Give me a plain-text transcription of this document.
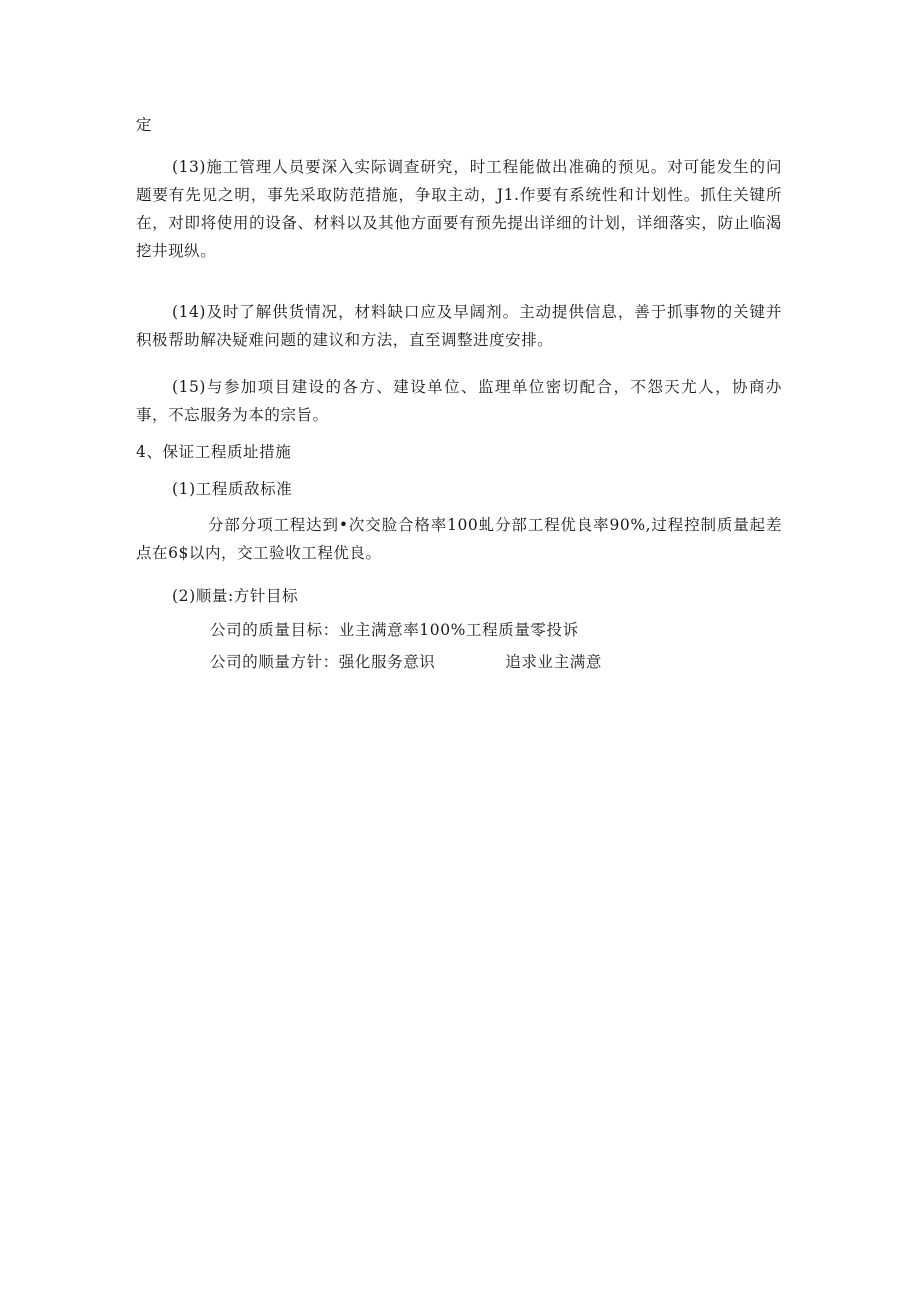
定
(13)施工管理人员要深入实际调查研究，时工程能做出准确的预见。对可能发生的问题要有先见之明，事先采取防范措施，争取主动，J1.作要有系统性和计划性。抓住关键所在，对即将使用的设备、材料以及其他方面要有预先提出详细的计划，详细落实，防止临渴挖井现纵。
(14)及时了解供货情况，材料缺口应及早阔剂。主动提供信息，善于抓事物的关键并积极帮助解决疑难问题的建议和方法，直至调整进度安排。
(15)与参加项目建设的各方、建设单位、监理单位密切配合，不怨天尤人，协商办事，不忘服务为本的宗旨。
4、保证工程质址措施
(1)工程质敌标准
分部分项工程达到•次交脸合格率100虬分部工程优良率90%,过程控制质量起差点在6$以内，交工验收工程优良。
(2)顺量:方针目标
公司的质量目标：业主满意率100%工程质量零投诉
公司的顺量方针：强化服务意识	追求业主满意
